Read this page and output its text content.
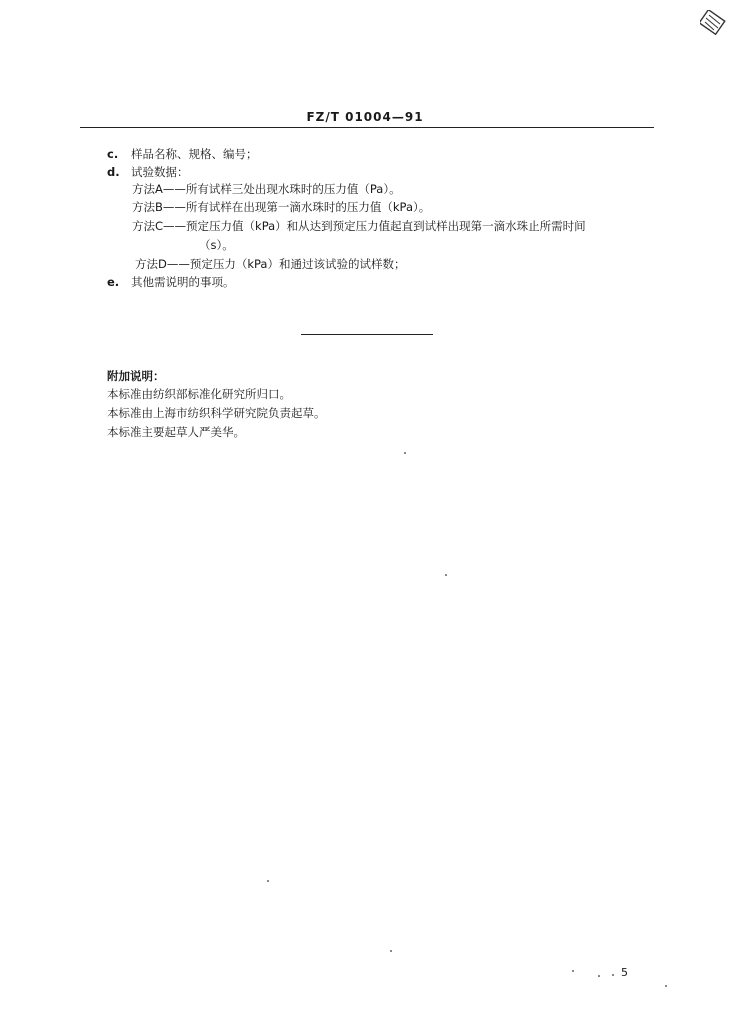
FZ/T 01004—91
c. 样品名称、规格、编号；
d. 试验数据：
方法A——所有试样三处出现水珠时的压力值（Pa）。
方法B——所有试样在出现第一滴水珠时的压力值（kPa）。
方法C——预定压力值（kPa）和从达到预定压力值起直到试样出现第一滴水珠止所需时间
（s）。
方法D——预定压力（kPa）和通过该试验的试样数；
e. 其他需说明的事项。
附加说明：
本标准由纺织部标准化研究所归口。
本标准由上海市纺织科学研究院负责起草。
本标准主要起草人严美华。
5
